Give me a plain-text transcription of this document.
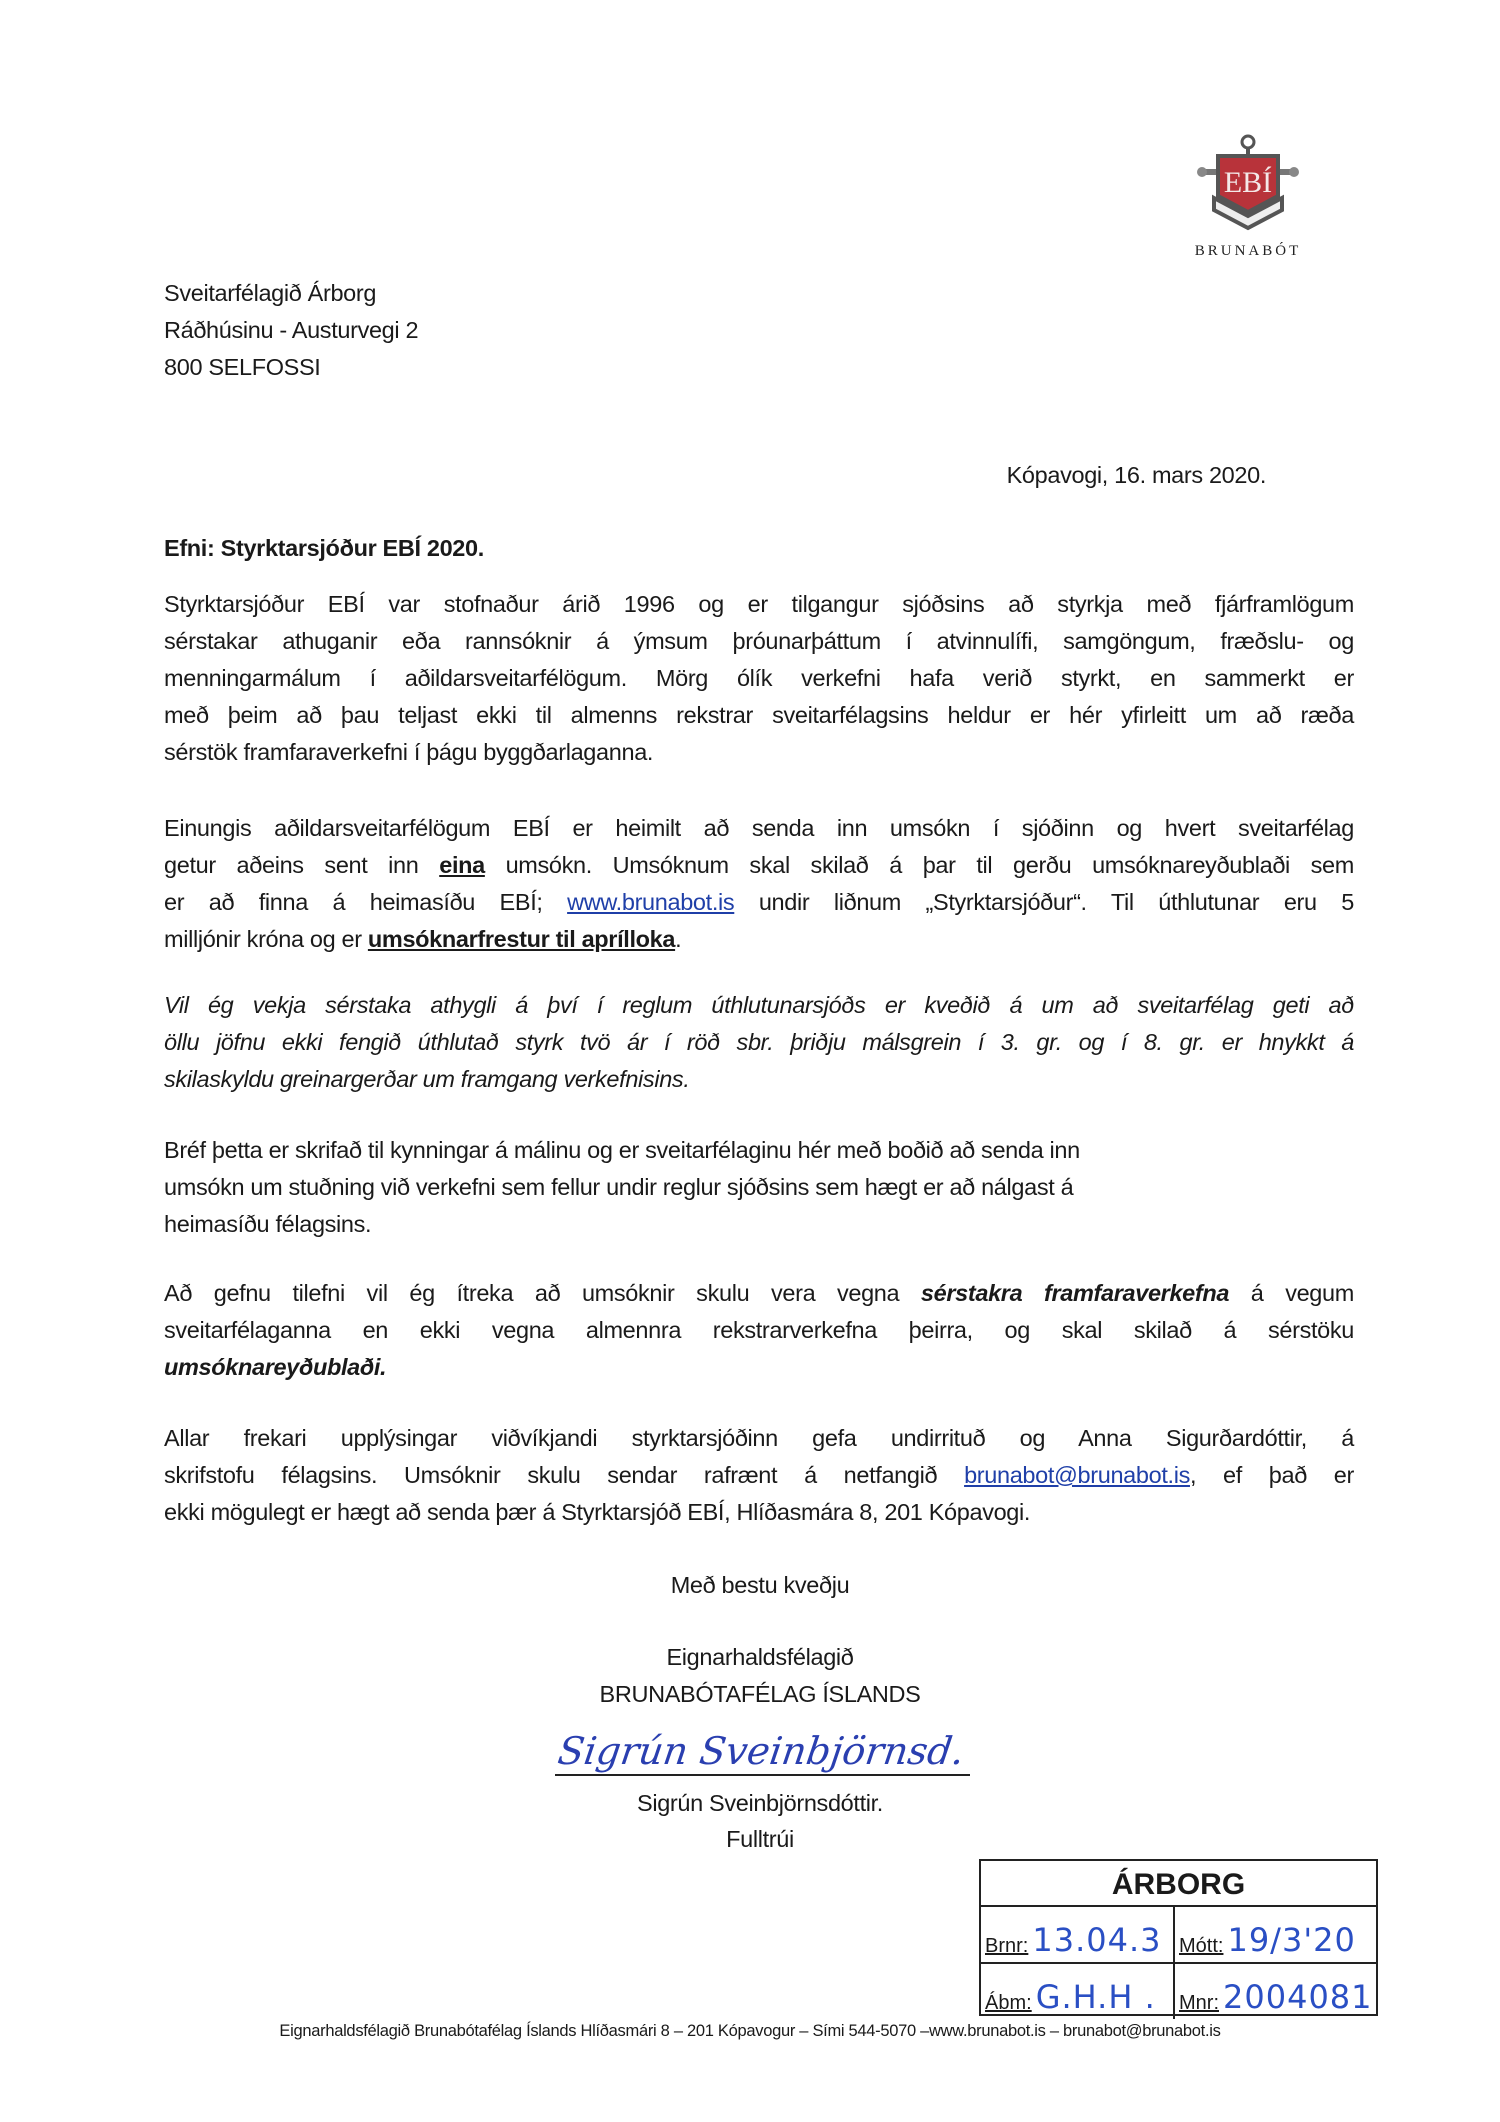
EBÍ
BRUNABÓT
Sveitarfélagið Árborg
Ráðhúsinu - Austurvegi 2
800 SELFOSSI
Kópavogi, 16. mars 2020.
Efni: Styrktarsjóður EBÍ 2020.
Styrktarsjóður EBÍ var stofnaður árið 1996 og er tilgangur sjóðsins að styrkja með fjárframlögum
sérstakar athuganir eða rannsóknir á ýmsum þróunarþáttum í atvinnulífi, samgöngum, fræðslu- og
menningarmálum í aðildarsveitarfélögum. Mörg ólík verkefni hafa verið styrkt, en sammerkt er
með þeim að þau teljast ekki til almenns rekstrar sveitarfélagsins heldur er hér yfirleitt um að ræða
sérstök framfaraverkefni í þágu byggðarlaganna.
Einungis aðildarsveitarfélögum EBÍ er heimilt að senda inn umsókn í sjóðinn og hvert sveitarfélag
getur aðeins sent inn eina umsókn. Umsóknum skal skilað á þar til gerðu umsóknareyðublaði sem
er að finna á heimasíðu EBÍ; www.brunabot.is undir liðnum „Styrktarsjóður“. Til úthlutunar eru 5
milljónir króna og er umsóknarfrestur til aprílloka.
Vil ég vekja sérstaka athygli á því í reglum úthlutunarsjóðs er kveðið á um að sveitarfélag geti að
öllu jöfnu ekki fengið úthlutað styrk tvö ár í röð sbr. þriðju málsgrein í 3. gr. og í 8. gr. er hnykkt á
skilaskyldu greinargerðar um framgang verkefnisins.
Bréf þetta er skrifað til kynningar á málinu og er sveitarfélaginu hér með boðið að senda inn
umsókn um stuðning við verkefni sem fellur undir reglur sjóðsins sem hægt er að nálgast á
heimasíðu félagsins.
Að gefnu tilefni vil ég ítreka að umsóknir skulu vera vegna sérstakra framfaraverkefna á vegum
sveitarfélaganna en ekki vegna almennra rekstrarverkefna þeirra, og skal skilað á sérstöku
umsóknareyðublaði.
Allar frekari upplýsingar viðvíkjandi styrktarsjóðinn gefa undirrituð og Anna Sigurðardóttir, á
skrifstofu félagsins. Umsóknir skulu sendar rafrænt á netfangið brunabot@brunabot.is, ef það er
ekki mögulegt er hægt að senda þær á Styrktarsjóð EBÍ, Hlíðasmára 8, 201 Kópavogi.
Með bestu kveðju
Eignarhaldsfélagið
BRUNABÓTAFÉLAG ÍSLANDS
Sigrún Sveinbjörnsd.
Sigrún Sveinbjörnsdóttir.
Fulltrúi
ÁRBORG
Brnr: 13.04.3 Mótt: 19/3'20
Ábm: G.H.H . Mnr: 2004081
Eignarhaldsfélagið Brunabótafélag Íslands Hlíðasmári 8 – 201 Kópavogur – Sími 544-5070 –www.brunabot.is – brunabot@brunabot.is
